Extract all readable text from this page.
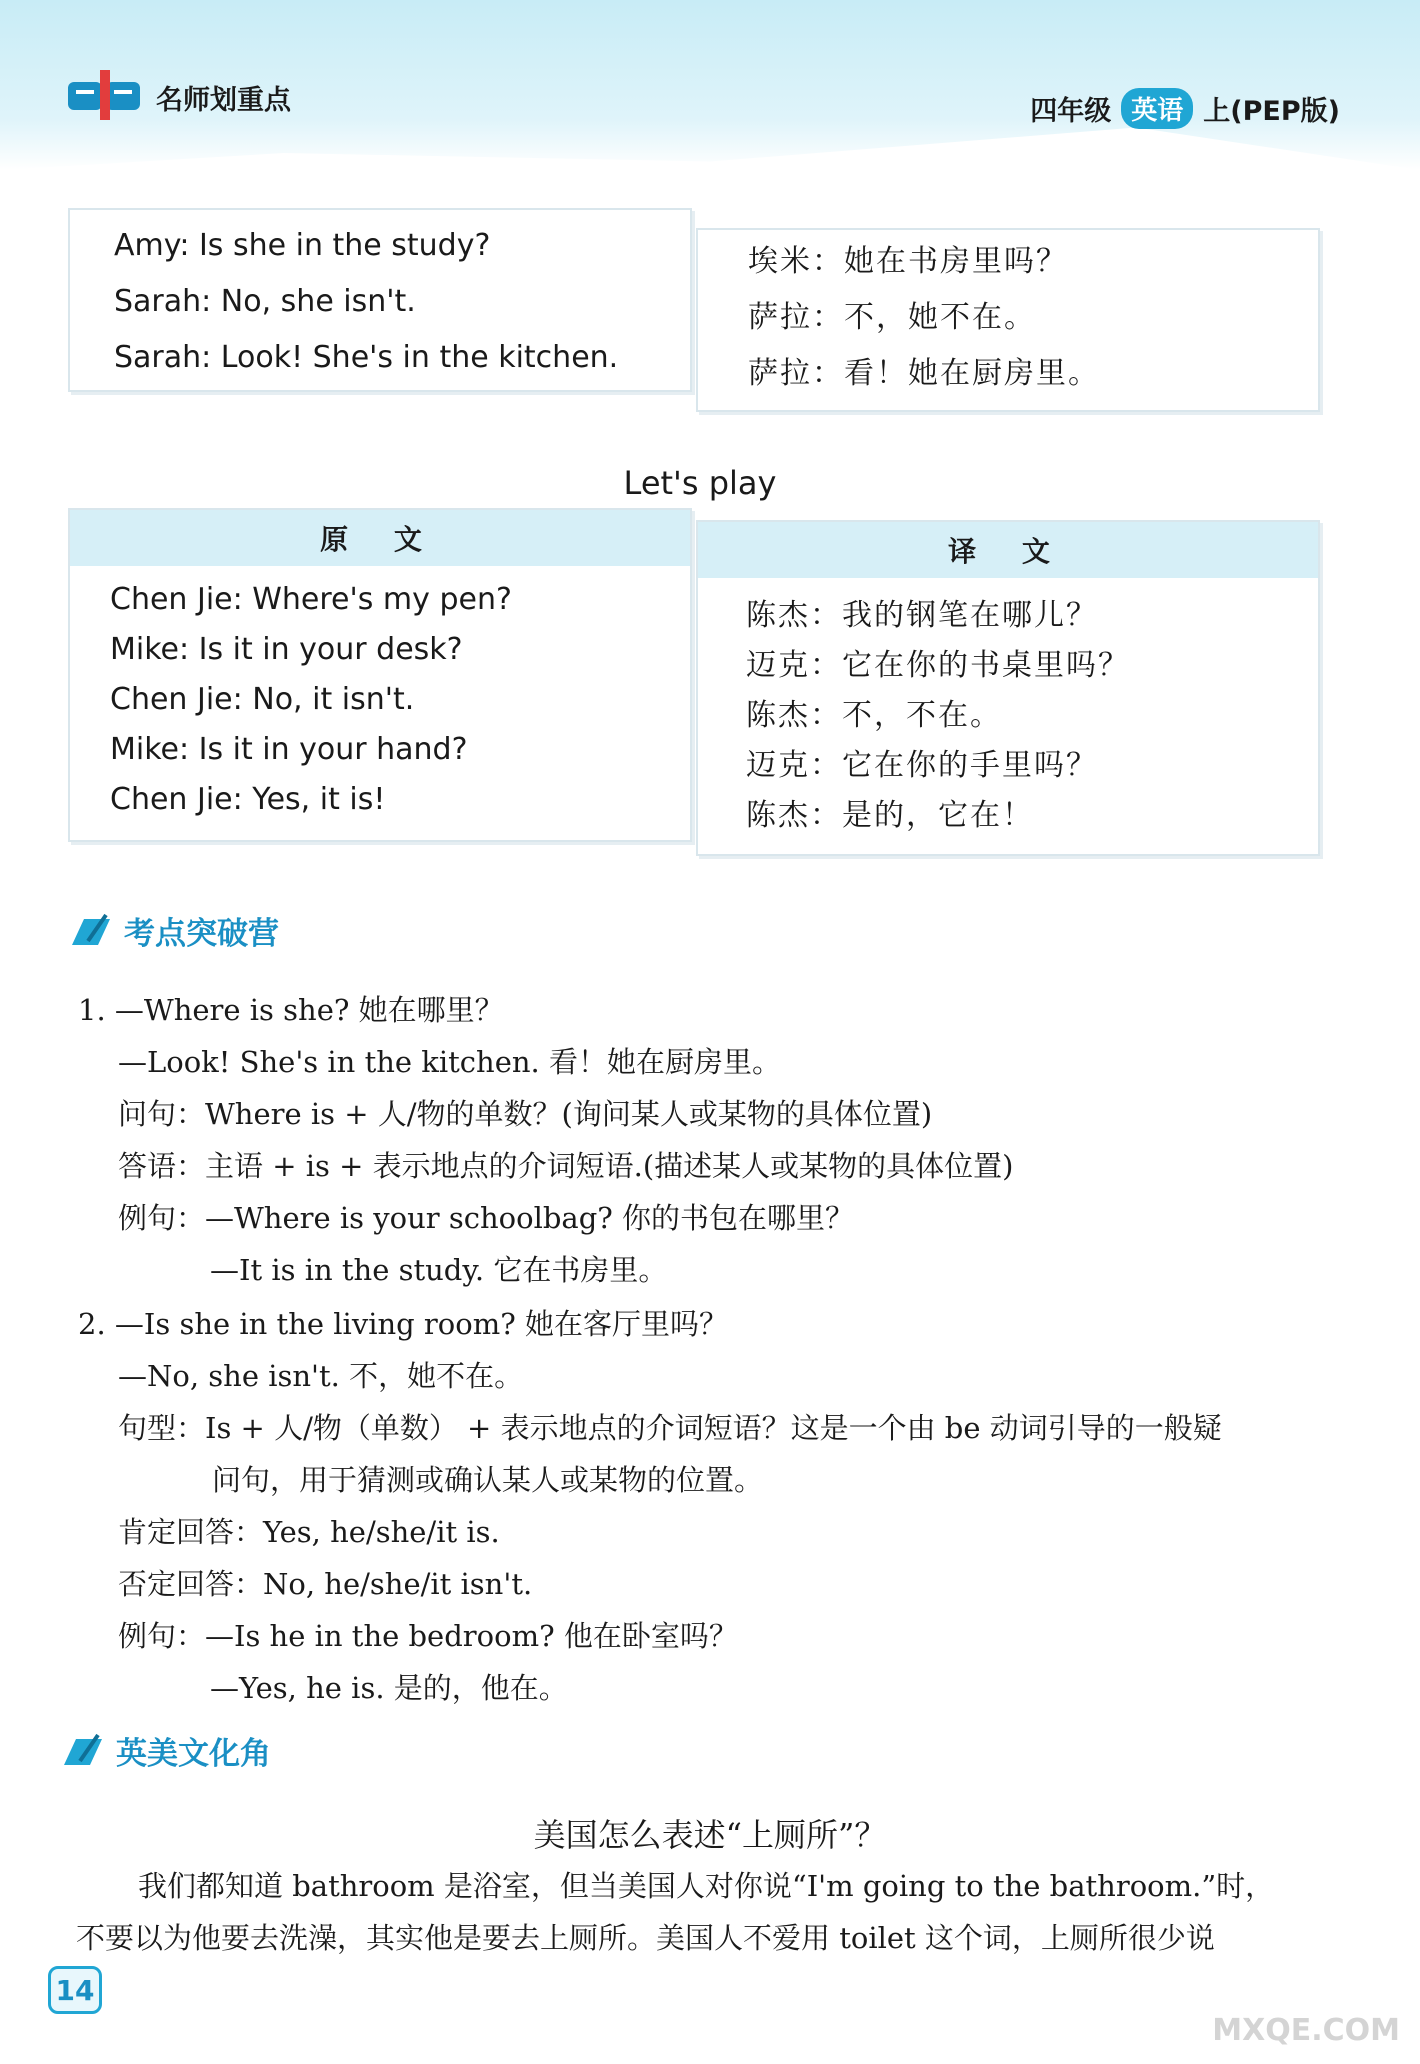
名师划重点	四年级 英语 上(PEP版)
Amy: Is she in the study?
Sarah: No, she isn't.
Sarah: Look! She's in the kitchen.
埃米：她在书房里吗？
萨拉：不，她不在。
萨拉：看！她在厨房里。
Let's play
原 文
Chen Jie: Where's my pen?
Mike: Is it in your desk?
Chen Jie: No, it isn't.
Mike: Is it in your hand?
Chen Jie: Yes, it is!
译 文
陈杰：我的钢笔在哪儿？
迈克：它在你的书桌里吗？
陈杰：不，不在。
迈克：它在你的手里吗？
陈杰：是的，它在！
考点突破营
1. —Where is she? 她在哪里？
—Look! She's in the kitchen. 看！她在厨房里。
问句：Where is + 人/物的单数？(询问某人或某物的具体位置)
答语：主语 + is + 表示地点的介词短语.(描述某人或某物的具体位置)
例句：—Where is your schoolbag? 你的书包在哪里？
—It is in the study. 它在书房里。
2. —Is she in the living room? 她在客厅里吗？
—No, she isn't. 不，她不在。
句型：Is + 人/物（单数） + 表示地点的介词短语？这是一个由 be 动词引导的一般疑
问句，用于猜测或确认某人或某物的位置。
肯定回答：Yes, he/she/it is.
否定回答：No, he/she/it isn't.
例句：—Is he in the bedroom? 他在卧室吗？
—Yes, he is. 是的，他在。
英美文化角
美国怎么表述“上厕所”？
我们都知道 bathroom 是浴室，但当美国人对你说“I'm going to the bathroom.”时，
不要以为他要去洗澡，其实他是要去上厕所。美国人不爱用 toilet 这个词，上厕所很少说
14
MXQE.COM
